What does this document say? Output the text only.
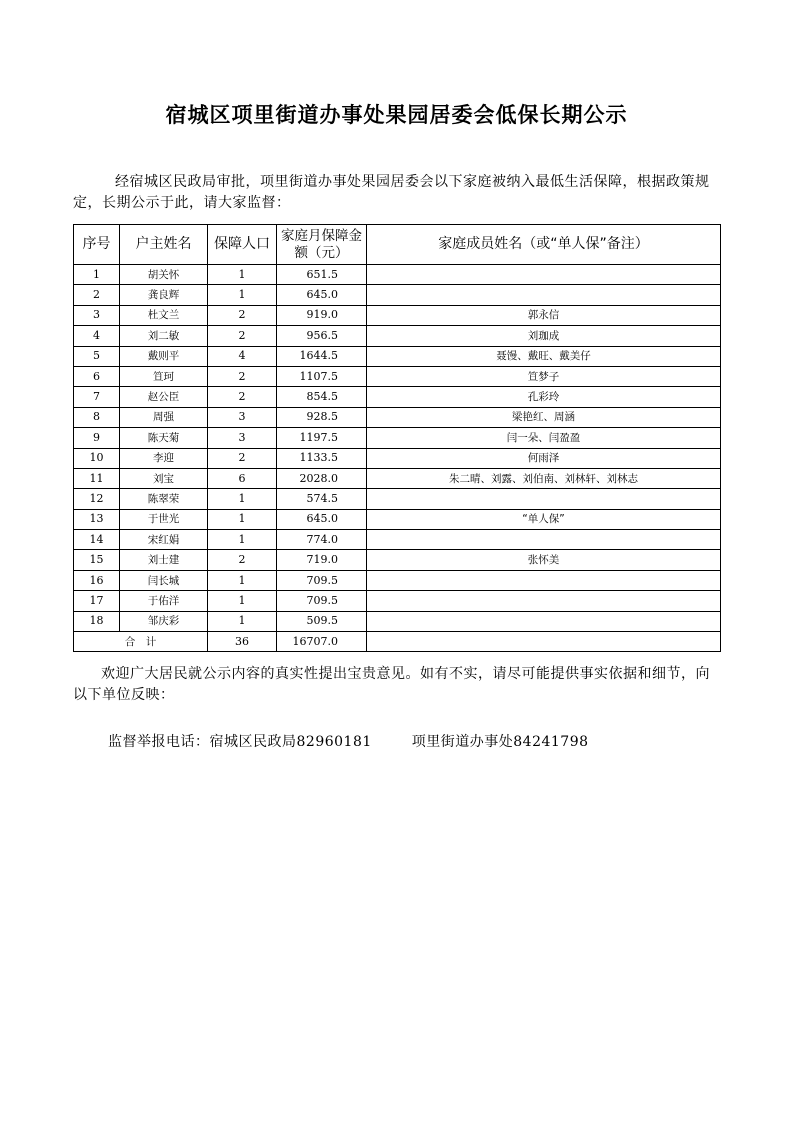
宿城区项里街道办事处果园居委会低保长期公示

经宿城区民政局审批，项里街道办事处果园居委会以下家庭被纳入最低生活保障，根据政策规定，长期公示于此，请大家监督：

序号	户主姓名	保障人口	家庭月保障金额（元）	家庭成员姓名（或“单人保”备注）
1	胡关怀	1	651.5	
2	龚良辉	1	645.0	
3	杜文兰	2	919.0	郭永信
4	刘二敏	2	956.5	刘珈成
5	戴则平	4	1644.5	聂馒、戴旺、戴美仔
6	笪珂	2	1107.5	笪梦子
7	赵公臣	2	854.5	孔彩玲
8	周强	3	928.5	梁艳红、周涵
9	陈天菊	3	1197.5	闫一朵、闫盈盈
10	李迎	2	1133.5	何雨泽
11	刘宝	6	2028.0	朱二晴、刘露、刘伯南、刘林轩、刘林志
12	陈翠荣	1	574.5	
13	于世光	1	645.0	“单人保”
14	宋红娟	1	774.0	
15	刘士建	2	719.0	张怀美
16	闫长城	1	709.5	
17	于佑洋	1	709.5	
18	邹庆彩	1	509.5	
合　计		36	16707.0	

欢迎广大居民就公示内容的真实性提出宝贵意见。如有不实，请尽可能提供事实依据和细节，向以下单位反映：

监督举报电话：宿城区民政局82960181	项里街道办事处84241798
